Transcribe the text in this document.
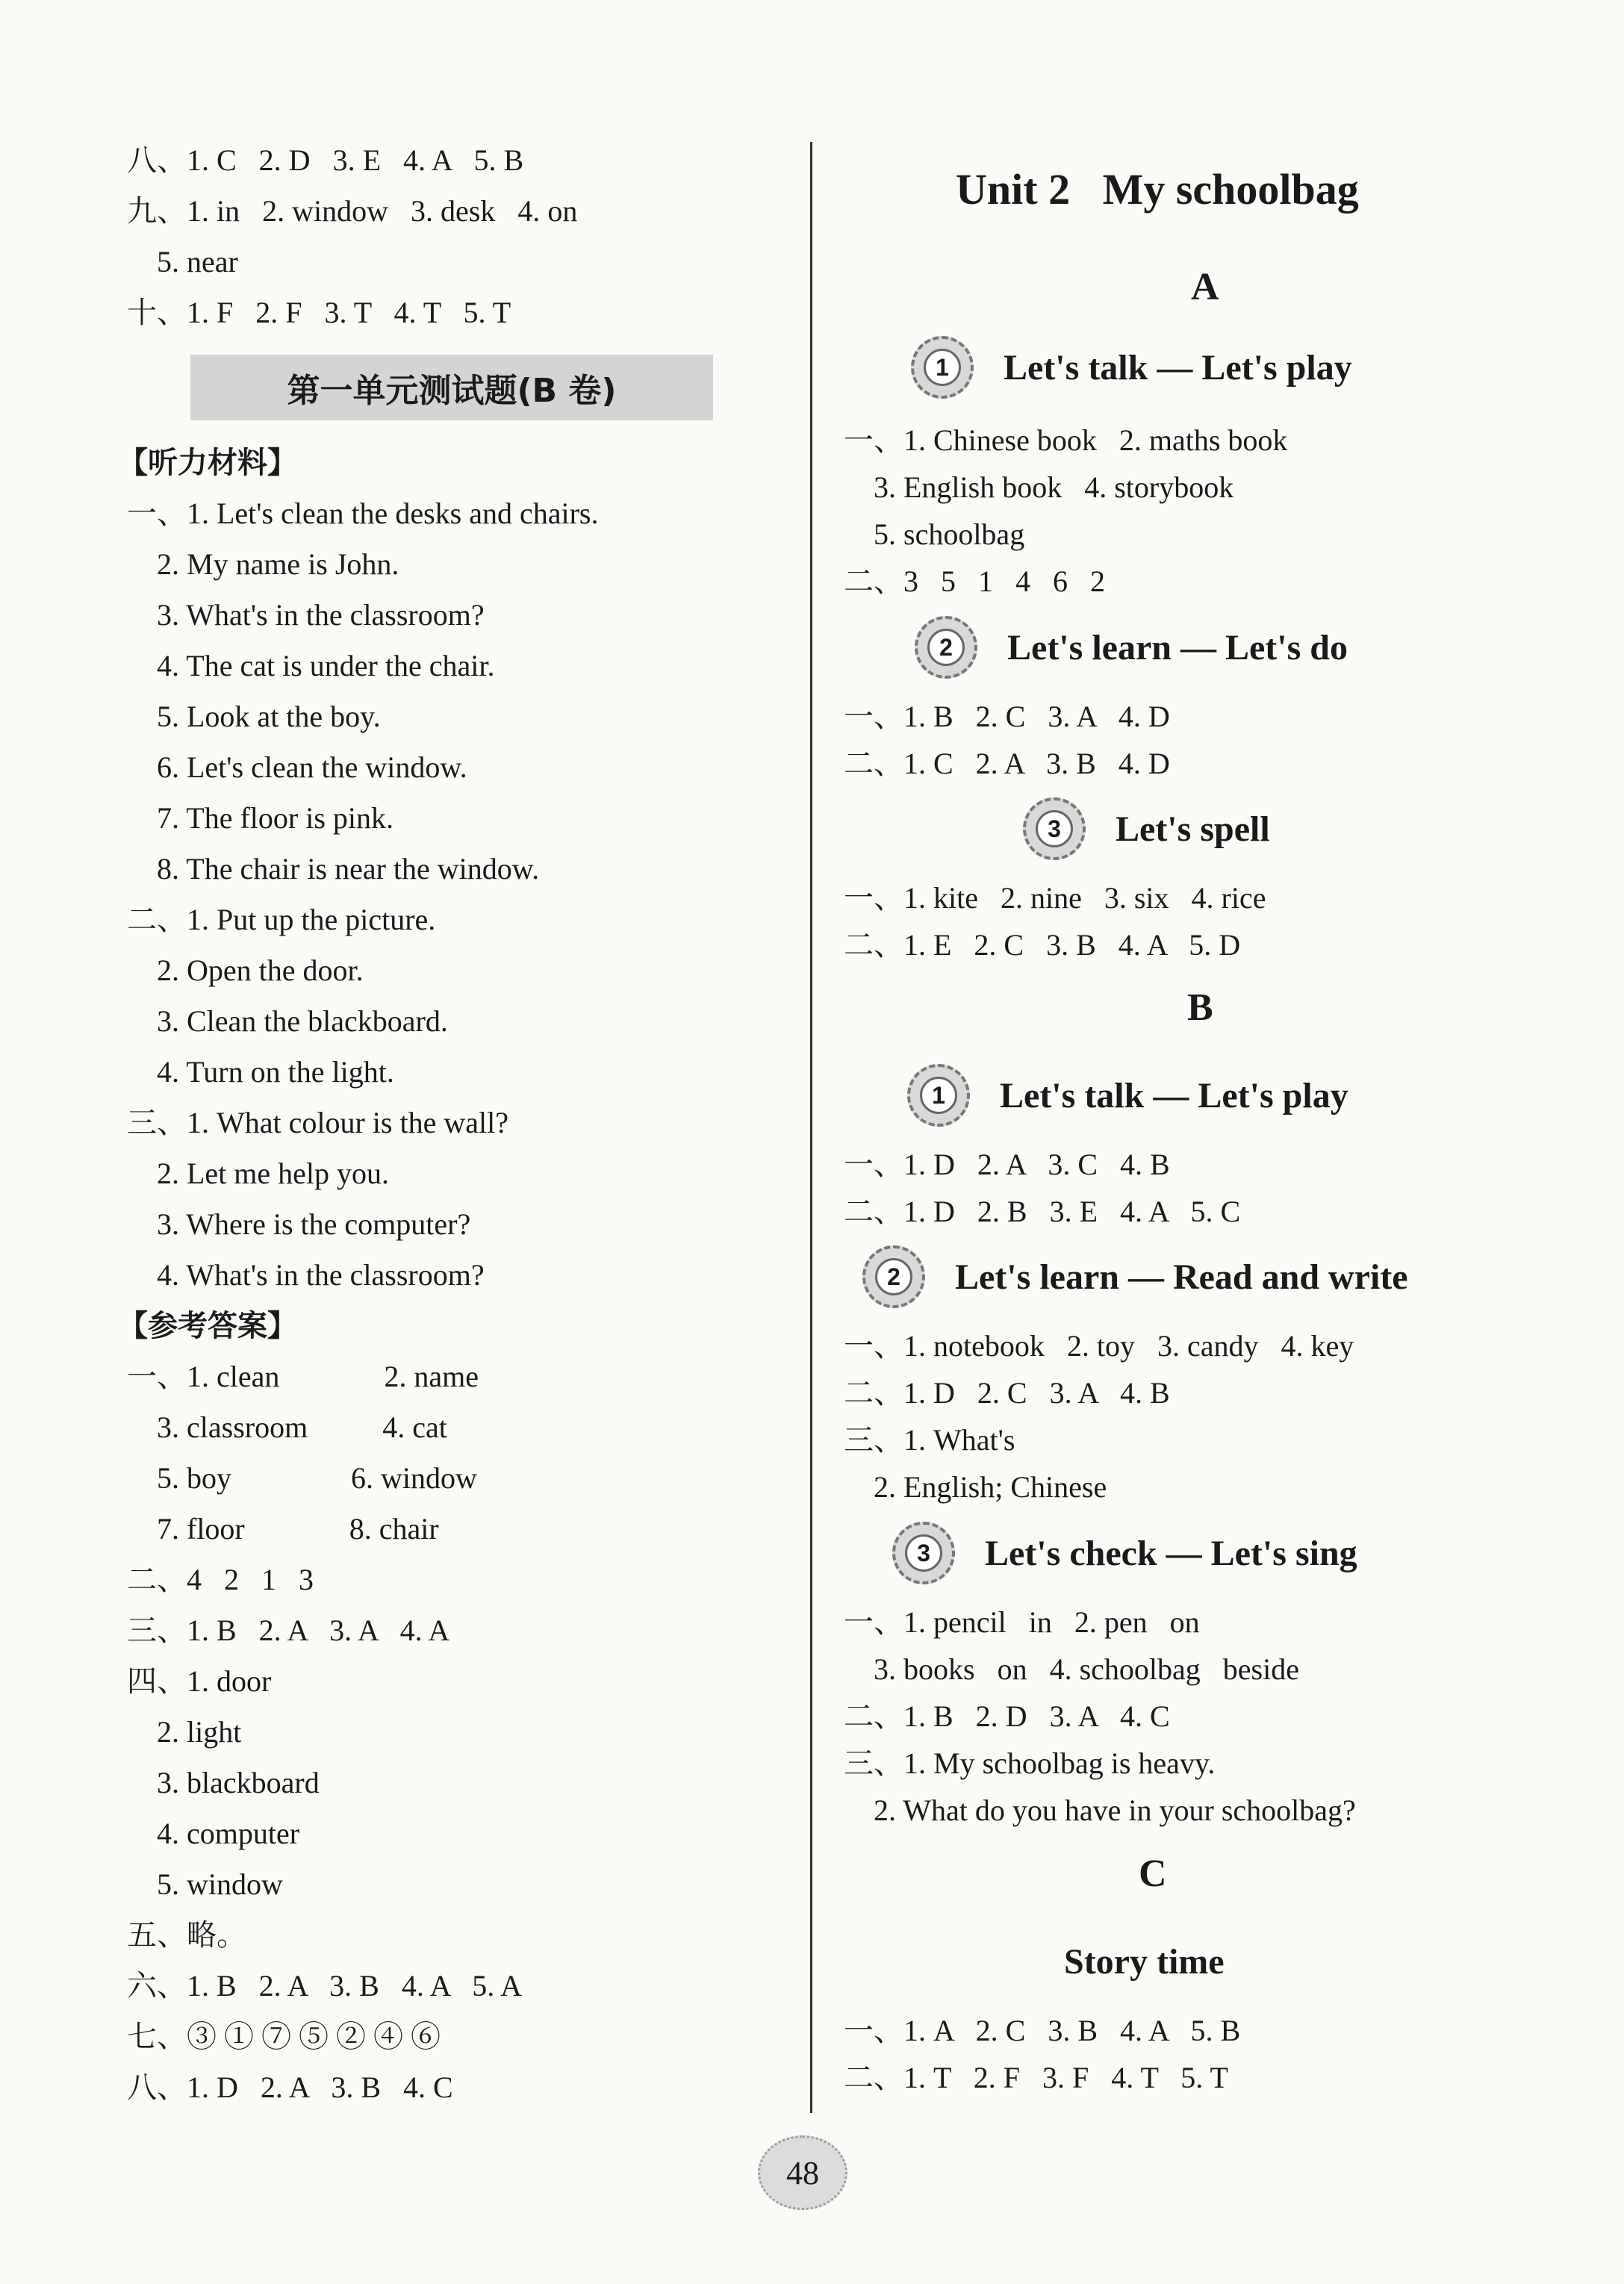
八、1. C   2. D   3. E   4. A   5. B
九、1. in   2. window   3. desk   4. on
5. near
十、1. F   2. F   3. T   4. T   5. T
第一单元测试题(B 卷)
【听力材料】
一、1. Let's clean the desks and chairs.
2. My name is John.
3. What's in the classroom?
4. The cat is under the chair.
5. Look at the boy.
6. Let's clean the window.
7. The floor is pink.
8. The chair is near the window.
二、1. Put up the picture.
2. Open the door.
3. Clean the blackboard.
4. Turn on the light.
三、1. What colour is the wall?
2. Let me help you.
3. Where is the computer?
4. What's in the classroom?
【参考答案】
一、1. clean              2. name
3. classroom          4. cat
5. boy                6. window
7. floor              8. chair
二、4   2   1   3
三、1. B   2. A   3. A   4. A
四、1. door
2. light
3. blackboard
4. computer
5. window
五、略。
六、1. B   2. A   3. B   4. A   5. A
七、③ ① ⑦ ⑤ ② ④ ⑥
八、1. D   2. A   3. B   4. C
Unit 2   My schoolbag
A
1	Let's talk — Let's play
一、1. Chinese book   2. maths book
3. English book   4. storybook
5. schoolbag
二、3   5   1   4   6   2
2	Let's learn — Let's do
一、1. B   2. C   3. A   4. D
二、1. C   2. A   3. B   4. D
3	Let's spell
一、1. kite   2. nine   3. six   4. rice
二、1. E   2. C   3. B   4. A   5. D
B
1	Let's talk — Let's play
一、1. D   2. A   3. C   4. B
二、1. D   2. B   3. E   4. A   5. C
2	Let's learn — Read and write
一、1. notebook   2. toy   3. candy   4. key
二、1. D   2. C   3. A   4. B
三、1. What's
2. English; Chinese
3	Let's check — Let's sing
一、1. pencil   in   2. pen   on
3. books   on   4. schoolbag   beside
二、1. B   2. D   3. A   4. C
三、1. My schoolbag is heavy.
2. What do you have in your schoolbag?
C
Story time
一、1. A   2. C   3. B   4. A   5. B
二、1. T   2. F   3. F   4. T   5. T
48
